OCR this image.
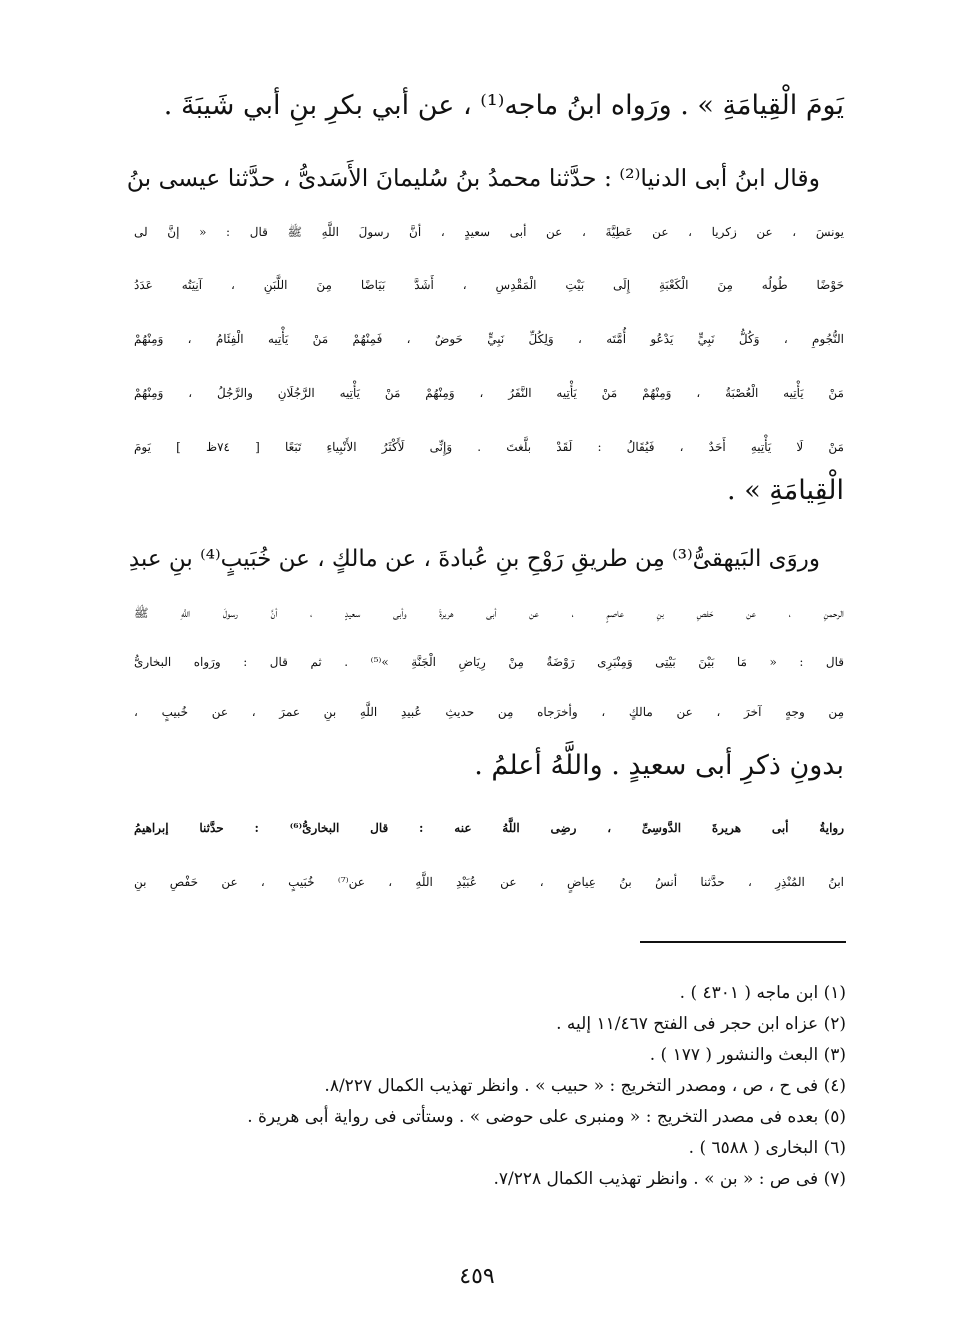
يَومَ الْقِيامَةِ » . ورَواه ابنُ ماجه⁽¹⁾ ، عن أبي بكرِ بنِ أبي شَيبَةَ .
وقال ابنُ أبى الدنيا⁽²⁾ : حدَّثنا محمدُ بنُ سُليمانَ الأَسَدىُّ ، حدَّثنا عيسى بنُ
يونسَ ، عن زكريا ، عن عَطِيَّةَ ، عن أبى سعيدٍ ، أنَّ رسولَ اللَّهِ ﷺ قال : « إنَّ لى
حَوْضًا طُولُه مِنَ الْكَعْبَةِ إِلَى بَيْتِ الْمَقْدِسِ ، أَشَدَّ بَيَاضًا مِنَ اللَّبَنِ ، آنِيَتُه عَدَدُ
النُّجُومِ ، وَكُلُّ نَبِيٍّ يَدْعُو أُمَّتَه ، وَلِكُلِّ نَبِيٍّ حَوضٌ ، فَمِنْهُمْ مَنْ يَأْتِيه الْفِئَامُ ، وَمِنْهُمْ
مَنْ يَأْتِيه الْعُصْبَةُ ، وَمِنْهُمْ مَنْ يَأْتِيه النَّفَرُ ، وَمِنْهُمْ مَنْ يَأْتِيه الرَّجُلَانِ والرَّجُلُ ، وَمِنْهُمْ
مَنْ لَا يَأْتِيهِ أَحَدٌ ، فَيُقَالُ : لَقَدْ بلَّغتَ . وَإِنِّى لَأَكْثَرُ الأَنْبِياءِ تَبَعًا [ ٧٤ظ ] يَومَ
الْقِيامَةِ » .
وروَى البَيهقىُّ⁽³⁾ مِن طريقِ رَوْحِ بنِ عُبادةَ ، عن مالكٍ ، عن خُبَيبٍ⁽⁴⁾ بنِ عبدِ
الرحمنِ ، عن حَفصِ بنِ عاصمٍ ، عن أبى هريرةَ وأبى سعيدٍ ، أنَّ رسولَ اللَّهِ ﷺ
قال : « مَا بَيْنَ بَيْتِى وَمِنْبَرِى رَوْضَةٌ مِنْ رِيَاضِ الْجَنَّةِ »⁽⁵⁾ . ثم قال : ورَواه البخارىُّ
مِن وجهٍ آخرَ ، عن مالكٍ ، وأخرَجاه مِن حديثِ عُبيدِ اللَّهِ بنِ عمرَ ، عن خُبيبٍ ،
بدونِ ذكرِ أبى سعيدٍ . واللَّهُ أعلمُ .
روايةُ أبى هريرةَ الدَّوسِىِّ ، رضِى اللَّهُ عنه : قال البخارىُّ⁽⁶⁾ : حدَّثنا إبراهيمُ
ابنُ المُنْذِرِ ، حدَّثنا أنسُ بنُ عِياضٍ ، عن عُبَيْدِ اللَّهِ ، عن⁽⁷⁾ خُبَيبٍ ، عن حَفْصِ بنِ
(١) ابن ماجه ( ٤٣٠١ ) .
(٢) عزاه ابن حجر فى الفتح ١١/٤٦٧ إليه .
(٣) البعث والنشور ( ١٧٧ ) .
(٤) فى ح ، ص ، ومصدر التخريج : « حبيب » . وانظر تهذيب الكمال ٨/٢٢٧.
(٥) بعده فى مصدر التخريج : « ومنبرى على حوضى » . وستأتى فى رواية أبى هريرة .
(٦) البخارى ( ٦٥٨٨ ) .
(٧) فى ص : « بن » . وانظر تهذيب الكمال ٧/٢٢٨.
٤٥٩
